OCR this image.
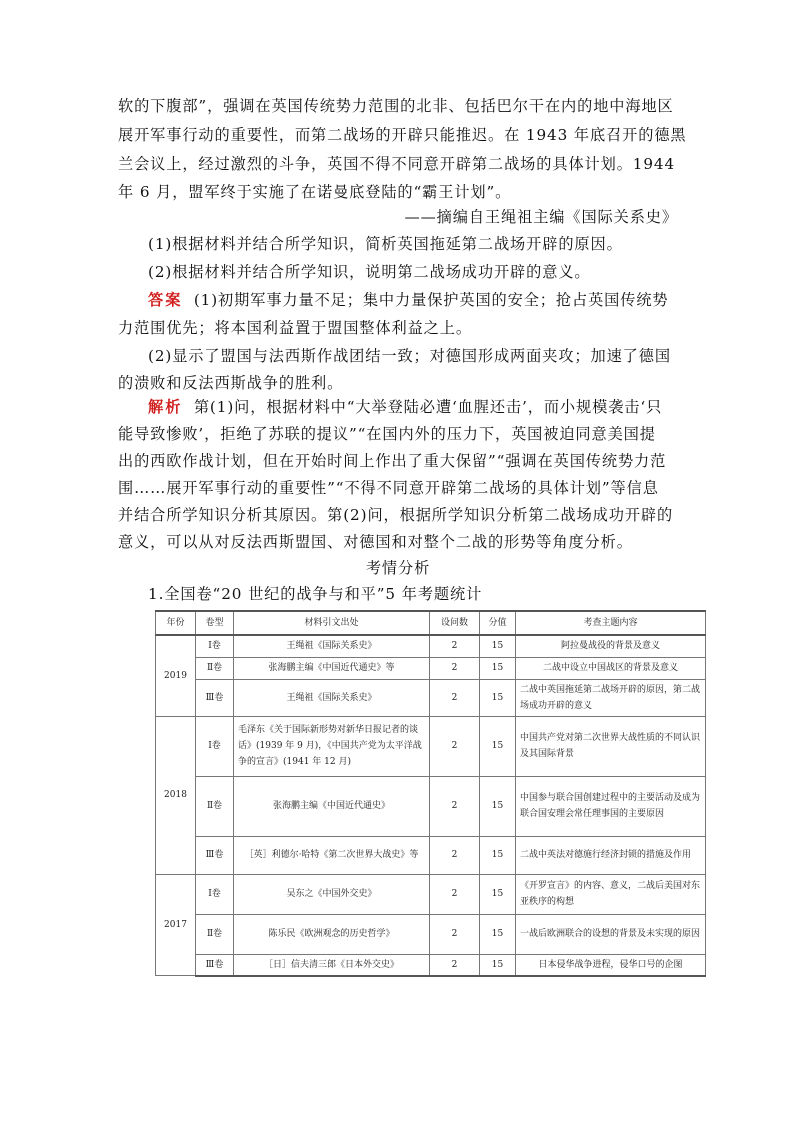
软的下腹部”，强调在英国传统势力范围的北非、包括巴尔干在内的地中海地区
展开军事行动的重要性，而第二战场的开辟只能推迟。在 1943 年底召开的德黑
兰会议上，经过激烈的斗争，英国不得不同意开辟第二战场的具体计划。1944
年 6 月，盟军终于实施了在诺曼底登陆的“霸王计划”。
——摘编自王绳祖主编《国际关系史》
(1)根据材料并结合所学知识，简析英国拖延第二战场开辟的原因。
(2)根据材料并结合所学知识，说明第二战场成功开辟的意义。
答案 (1)初期军事力量不足；集中力量保护英国的安全；抢占英国传统势
力范围优先；将本国利益置于盟国整体利益之上。
(2)显示了盟国与法西斯作战团结一致；对德国形成两面夹攻；加速了德国
的溃败和反法西斯战争的胜利。
解析 第(1)问，根据材料中“大举登陆必遭‘血腥还击’，而小规模袭击‘只
能导致惨败’，拒绝了苏联的提议”“在国内外的压力下，英国被迫同意美国提
出的西欧作战计划，但在开始时间上作出了重大保留”“强调在英国传统势力范
围……展开军事行动的重要性”“不得不同意开辟第二战场的具体计划”等信息
并结合所学知识分析其原因。第(2)问，根据所学知识分析第二战场成功开辟的
意义，可以从对反法西斯盟国、对德国和对整个二战的形势等角度分析。
考情分析
1.全国卷“20 世纪的战争与和平”5 年考题统计
年份	卷型	材料引文出处	设问数	分值	考查主题内容
2019	Ⅰ卷	王绳祖《国际关系史》	2	15	阿拉曼战役的背景及意义
	Ⅱ卷	张海鹏主编《中国近代通史》等	2	15	二战中设立中国战区的背景及意义
	Ⅲ卷	王绳祖《国际关系史》	2	15	二战中英国拖延第二战场开辟的原因，第二战场成功开辟的意义
2018	Ⅰ卷	毛泽东《关于国际新形势对新华日报记者的谈话》(1939 年 9 月)，《中国共产党为太平洋战争的宣言》(1941 年 12 月)	2	15	中国共产党对第二次世界大战性质的不同认识及其国际背景
	Ⅱ卷	张海鹏主编《中国近代通史》	2	15	中国参与联合国创建过程中的主要活动及成为联合国安理会常任理事国的主要原因
	Ⅲ卷	［英］利德尔·哈特《第二次世界大战史》等	2	15	二战中英法对德施行经济封锁的措施及作用
2017	Ⅰ卷	吴东之《中国外交史》	2	15	《开罗宣言》的内容、意义，二战后美国对东亚秩序的构想
	Ⅱ卷	陈乐民《欧洲观念的历史哲学》	2	15	一战后欧洲联合的设想的背景及未实现的原因
	Ⅲ卷	［日］信夫清三郎《日本外交史》	2	15	日本侵华战争进程，侵华口号的企图
